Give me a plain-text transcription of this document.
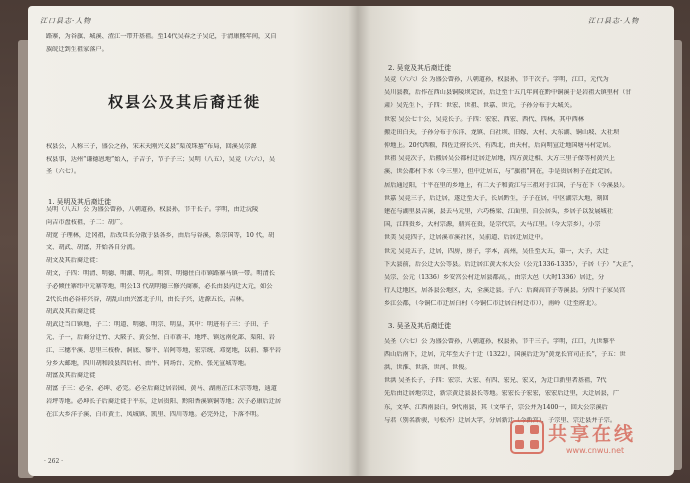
江口县志·人物
路寨，为谷旗、城溪、渣江一带开基祖。至14代吴春之子吴记，于清康熙年间，又自
族皖迁到生祖家落户。
权县公，人称三子，盛公之孙，宋末天刚兴义县“渠茂珠墓”布局，回溪吴宗源
权县事，达州“谦德恩地”始入，子吉子，节子子三；吴明（八五），吴竞（六六），吴
圣（六七）。
1. 吴明及其后裔迁徙
吴明（八五）公 为盛公曾孙，八朝道孙，权县孙，节干长子。字明，由迁沅陵
向吉市盘枝祖，子二：胡广。
胡宽 子理林，迁冈祖，后改旦长分散于县各乡，由后与谷溪，系宗国等，10 代，胡
文、胡武、胡富，开始各自分流。
胡文及其后裔迁徙：
胡文，子四：明清、明德、明潮、明礼。明智、明德住白市镇路寨马镇一带。明清长
子必倾住寨纬中元寨等地，明公13 代胡明德三修兴商寨，必长由县内迁大元，如公
2代长由必谷祥兴谷，胡乱山由兴富北子川，由长子兴，近源五长，吉林。
胡武及其后裔迁徙
胡武迁当口镇地，子二：明道、明德、明宗、明皇，其中：明进有子三：子田、子
元、子一，后裔分迁竹、大陂子、黄公堡、白市新丰、地坪、镇远南化部、渠阳、岩
江、三穗平溪、思里三枝桥、洞底、黎平、岩阿等地，宏宗统、邓宽地，以前、黎平岩
分乡大邮地，四川胡和段县四后村、由牛、同场台、元桥、张光宣城等地。
胡富及其后裔迁徙
胡富 子三：必全、必坤、必完。必全后裔迁居岩园、黄马、湖南芷江禾宗等地，迪道
岩坪等地。必坤长子后裔迁徙于平东，迁居贵阳、黔阳香溪镇铜等地；次子必康后迁居
在江大乡洋子溪、白市黄土、凤城镇、凯里、四川等地。必完外迁，下落不明。
权县公及其后裔迁徙
· 262 ·
江口县志·人物
2. 吴竞及其后裔迁徙
吴竞（六六）公 为盛公曾孙，八朝道孙，权县孙，节干次子。字明，江口，元代为
吴川县教，后作在西山县铜陵坝定居，后迁至十五几年间在黔中铜溪于是岩祖大镇里村（甘
肃）吴先生卜，子四：世宏、世祖、世嘉、世元，子孙分布于大城关。
世宏 吴公七十公，吴竞长子。子四：宏宏、西宏、西代、四林。其中西林
搬走田白天，子孙分布于东洋、龙镇、白社坝、旧嫁、大村、大东湖、铜山坡、大社坝
仲地上。20代西粮，四佐迁府长兴、有西北，由天村，后向明宣迁地国塘马村定居。
世祖 吴竞次子，后搬居吴公都村迁居迁居地，四方黄迁相、大方三里子保等村黄兴上
溪、世公都村下水（今三里），但中迁居五，与“旗祖”同在，手是贵居利子在此定居。
居后通过阳，十平在里的乡地上，有二大子和黄江与三祖对于江国，子与在下（今溪县）。
世嘉 吴竞三子，后迁居，遂迁至大子，长居黔生，子子在居，中区湖宗大地，刻回
建在与湖里县吉溪，县去马元里，六巧杨梁、江面里、自公居头，乡居子以发展城社
国，江四贵乡，大村宗源，鼎宾在贵，是宗代宗，大马江里。（今大宗乡），小宗
世美 吴竞四子，迁居溪市溪社区，吴前道、后居迁居迁中。
世元 吴竞五子，迁居，四房，房子，字本，高州，吴任至大五，第一，大子，大迁
下大县前，后公迁大公等县。后迁居江黄大水大公（公元1336-1335），子居（子）“大正”，
吴宗、公元（1336）乡安宫公村迁居县都高，，由宗大邑（大时1336）居迁，分
行人迁地区，居各县公地区，大，全溪迁县。子八：后裔高宫子等溪县。分四十子家吴宫
乡江公都，（今铜仁市迁居白村（今铜仁市迁居白村迁市）），南岭（迁至府北）。
3. 吴圣及其后裔迁徙
吴圣（六七）公 为盛公曾孙，八朝道孙，权县孙，节干三子。字明，江口，九世黎平
西山后南下，迁居，元年至大子十迁（1322），国溪后迁为“黄龙长官司正长”，子五：世
洪、世淮、世洛、世河、世俊。
世洪 吴圣长子，子四：宏宗、大宏、有四、宏兄、宏又，为迁口新里者基祖，7代
先后由迁居地宗迁，新宗黄迁县县长等地。宏宏长子宏宏，宏宏后迁里，大迁居县，广
东，文华、江西南县白，9代南县，其（文华子，宗公并为1400一，回大公宗溪后
与君（别名新骏，号松齐）迁居大字，分居新迁（今新宫），子宗里、宗迁县并子宗。
共享在线
www.cnwu.net
